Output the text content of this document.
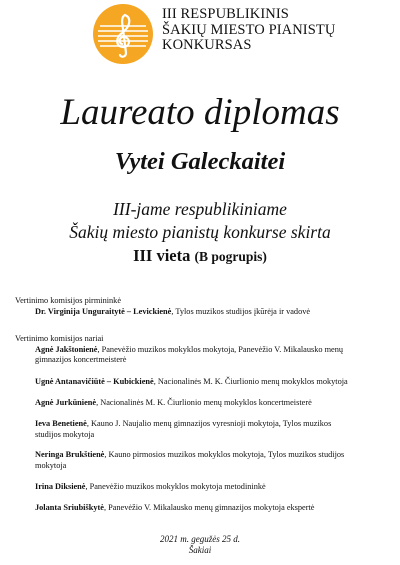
III RESPUBLIKINIS
ŠAKIŲ MIESTO PIANISTŲ
KONKURSAS
Laureato diplomas
Vytei Galeckaitei
III-jame respublikiniame
Šakių miesto pianistų konkurse skirta
III vieta (B pogrupis)
Vertinimo komisijos pirmininkė
Dr. Virginija Unguraitytė – Levickienė, Tylos muzikos studijos įkūrėja ir vadovė
Vertinimo komisijos nariai
Agnė Jakštonienė, Panevėžio muzikos mokyklos mokytoja, Panevėžio V. Mikalausko menų
gimnazijos koncertmeisterė
Ugnė Antanavičiūtė – Kubickienė, Nacionalinės M. K. Čiurlionio menų mokyklos mokytoja
Agnė Jurkūnienė, Nacionalinės M. K. Čiurlionio menų mokyklos koncertmeisterė
Ieva Benetienė, Kauno J. Naujalio menų gimnazijos vyresnioji mokytoja, Tylos muzikos
studijos mokytoja
Neringa Brukštienė, Kauno pirmosios muzikos mokyklos mokytoja, Tylos muzikos studijos
mokytoja
Irina Diksienė, Panevėžio muzikos mokyklos mokytoja metodininkė
Jolanta Sriubiškytė, Panevėžio V. Mikalausko menų gimnazijos mokytoja ekspertė
2021 m. gegužės 25 d.
Šakiai
